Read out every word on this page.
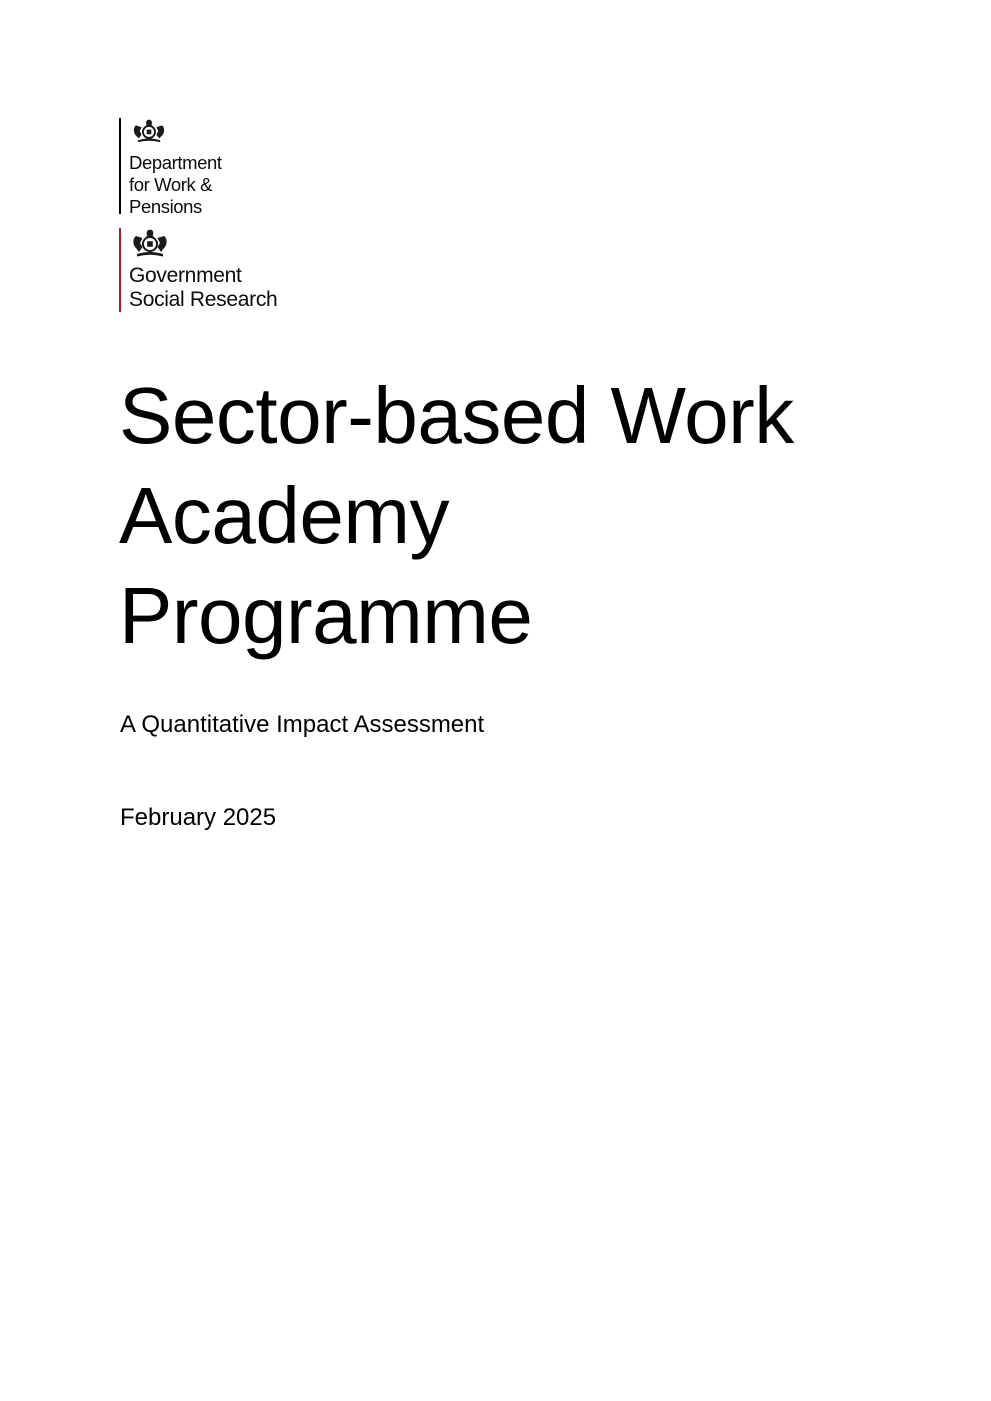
Department
for Work &
Pensions
Government
Social Research
Sector-based Work
Academy
Programme

A Quantitative Impact Assessment

February 2025
